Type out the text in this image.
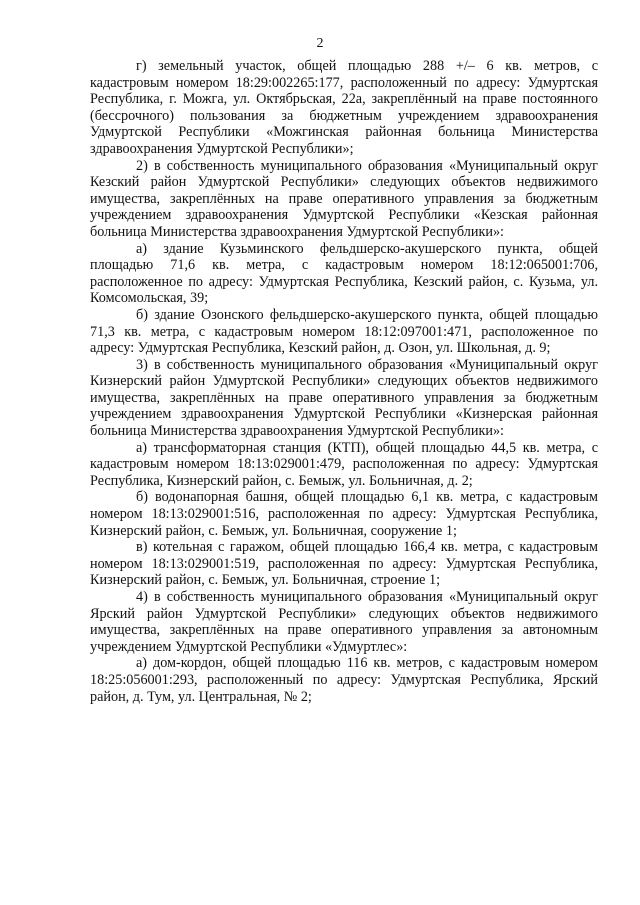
2

г) земельный участок, общей площадью 288 +/– 6 кв. метров, с кадастровым номером 18:29:002265:177, расположенный по адресу: Удмуртская Республика, г. Можга, ул. Октябрьская, 22а, закреплённый на праве постоянного (бессрочного) пользования за бюджетным учреждением здравоохранения Удмуртской Республики «Можгинская районная больница Министерства здравоохранения Удмуртской Республики»;

2) в собственность муниципального образования «Муниципальный округ Кезский район Удмуртской Республики» следующих объектов недвижимого имущества, закреплённых на праве оперативного управления за бюджетным учреждением здравоохранения Удмуртской Республики «Кезская районная больница Министерства здравоохранения Удмуртской Республики»:

а) здание Кузьминского фельдшерско-акушерского пункта, общей площадью 71,6 кв. метра, с кадастровым номером 18:12:065001:706, расположенное по адресу: Удмуртская Республика, Кезский район, с. Кузьма, ул. Комсомольская, 39;

б) здание Озонского фельдшерско-акушерского пункта, общей площадью 71,3 кв. метра, с кадастровым номером 18:12:097001:471, расположенное по адресу: Удмуртская Республика, Кезский район, д. Озон, ул. Школьная, д. 9;

3) в собственность муниципального образования «Муниципальный округ Кизнерский район Удмуртской Республики» следующих объектов недвижимого имущества, закреплённых на праве оперативного управления за бюджетным учреждением здравоохранения Удмуртской Республики «Кизнерская районная больница Министерства здравоохранения Удмуртской Республики»:

а) трансформаторная станция (КТП), общей площадью 44,5 кв. метра, с кадастровым номером 18:13:029001:479, расположенная по адресу: Удмуртская Республика, Кизнерский район, с. Бемыж, ул. Больничная, д. 2;

б) водонапорная башня, общей площадью 6,1 кв. метра, с кадастровым номером 18:13:029001:516, расположенная по адресу: Удмуртская Республика, Кизнерский район, с. Бемыж, ул. Больничная, сооружение 1;

в) котельная с гаражом, общей площадью 166,4 кв. метра, с кадастровым номером 18:13:029001:519, расположенная по адресу: Удмуртская Республика, Кизнерский район, с. Бемыж, ул. Больничная, строение 1;

4) в собственность муниципального образования «Муниципальный округ Ярский район Удмуртской Республики» следующих объектов недвижимого имущества, закреплённых на праве оперативного управления за автономным учреждением Удмуртской Республики «Удмуртлес»:

а) дом-кордон, общей площадью 116 кв. метров, с кадастровым номером 18:25:056001:293, расположенный по адресу: Удмуртская Республика, Ярский район, д. Тум, ул. Центральная, № 2;
